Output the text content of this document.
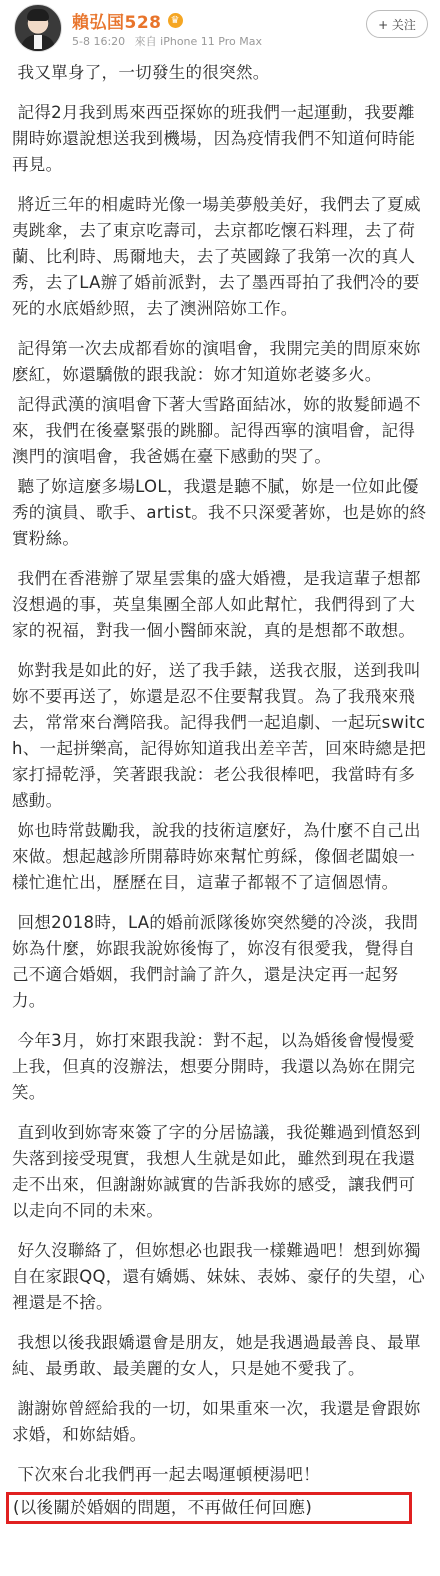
賴弘国528 ♛
5-8 16:20 來自 iPhone 11 Pro Max
+ 关注

我又單身了，一切發生的很突然。

記得2月我到馬來西亞探妳的班我們一起運動，我要離開時妳還說想送我到機場，因為疫情我們不知道何時能再見。

將近三年的相處時光像一場美夢般美好，我們去了夏威夷跳傘，去了東京吃壽司，去京都吃懷石料理，去了荷蘭、比利時、馬爾地夫，去了英國錄了我第一次的真人秀，去了LA辦了婚前派對，去了墨西哥拍了我們冷的要死的水底婚紗照，去了澳洲陪妳工作。

記得第一次去成都看妳的演唱會，我開完美的問原來妳麽紅，妳還驕傲的跟我說：妳才知道妳老婆多火。

記得武漢的演唱會下著大雪路面結冰，妳的妝髮師過不來，我們在後臺緊張的跳腳。記得西寧的演唱會，記得澳門的演唱會，我爸媽在臺下感動的哭了。

聽了妳這麼多場LOL，我還是聽不膩，妳是一位如此優秀的演員、歌手、artist。我不只深愛著妳，也是妳的終實粉絲。

我們在香港辦了眾星雲集的盛大婚禮，是我這輩子想都沒想過的事，英皇集團全部人如此幫忙，我們得到了大家的祝福，對我一個小醫師來說，真的是想都不敢想。

妳對我是如此的好，送了我手錶，送我衣服，送到我叫妳不要再送了，妳還是忍不住要幫我買。為了我飛來飛去，常常來台灣陪我。記得我們一起追劇、一起玩switch、一起拼樂高，記得妳知道我出差辛苦，回來時總是把家打掃乾淨，笑著跟我說：老公我很棒吧，我當時有多感動。

妳也時常鼓勵我，說我的技術這麼好，為什麼不自己出來做。想起越診所開幕時妳來幫忙剪綵，像個老闆娘一樣忙進忙出，歷歷在目，這輩子都報不了這個恩情。

回想2018時，LA的婚前派隊後妳突然變的冷淡，我問妳為什麼，妳跟我說妳後悔了，妳沒有很愛我，覺得自己不適合婚姻，我們討論了許久，還是決定再一起努力。

今年3月，妳打來跟我說：對不起，以為婚後會慢慢愛上我，但真的沒辦法，想要分開時，我還以為妳在開完笑。

直到收到妳寄來簽了字的分居協議，我從難過到憤怒到失落到接受現實，我想人生就是如此，雖然到現在我還走不出來，但謝謝妳誠實的告訴我妳的感受，讓我們可以走向不同的未來。

好久沒聯絡了，但妳想必也跟我一樣難過吧！想到妳獨自在家跟QQ，還有嬌媽、妹妹、表姊、豪仔的失望，心裡還是不捨。

我想以後我跟嬌還會是朋友，她是我遇過最善良、最單純、最勇敢、最美麗的女人，只是她不愛我了。

謝謝妳曾經給我的一切，如果重來一次，我還是會跟妳求婚，和妳結婚。

下次來台北我們再一起去喝運頓梗湯吧！

(以後關於婚姻的問題，不再做任何回應)
